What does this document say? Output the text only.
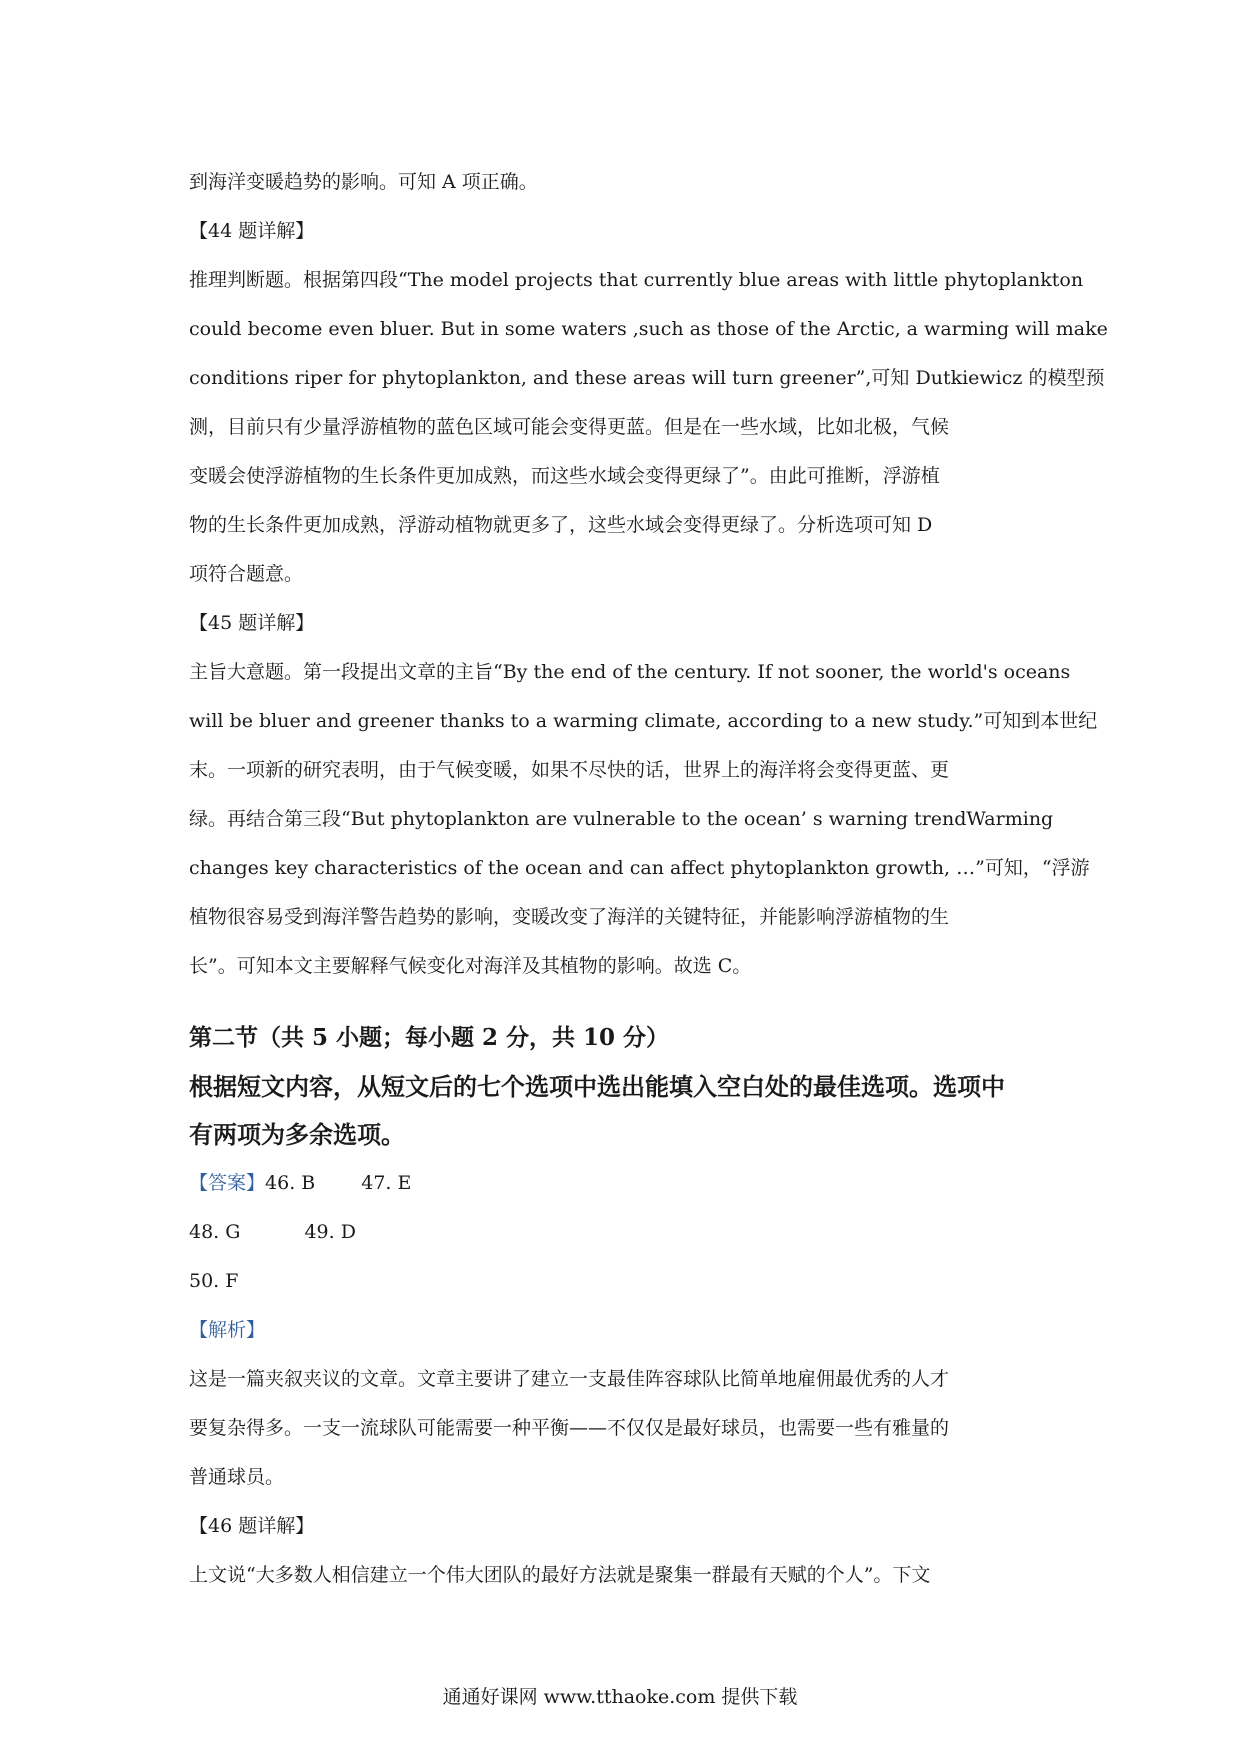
到海洋变暖趋势的影响。可知 A 项正确。
【44 题详解】
推理判断题。根据第四段“The model projects that currently blue areas with little phytoplankton
could become even bluer. But in some waters ,such as those of the Arctic, a warming will make
conditions riper for phytoplankton, and these areas will turn greener”,可知 Dutkiewicz 的模型预
测，目前只有少量浮游植物的蓝色区域可能会变得更蓝。但是在一些水域，比如北极，气候
变暖会使浮游植物的生长条件更加成熟，而这些水域会变得更绿了”。由此可推断，浮游植
物的生长条件更加成熟，浮游动植物就更多了，这些水域会变得更绿了。分析选项可知 D
项符合题意。
【45 题详解】
主旨大意题。第一段提出文章的主旨“By the end of the century. If not sooner, the world's oceans
will be bluer and greener thanks to a warming climate, according to a new study.”可知到本世纪
末。一项新的研究表明，由于气候变暖，如果不尽快的话，世界上的海洋将会变得更蓝、更
绿。再结合第三段“But phytoplankton are vulnerable to the ocean’ s warning trendWarming
changes key characteristics of the ocean and can affect phytoplankton growth, …”可知，“浮游
植物很容易受到海洋警告趋势的影响，变暖改变了海洋的关键特征，并能影响浮游植物的生
长”。可知本文主要解释气候变化对海洋及其植物的影响。故选 C。
第二节（共 5 小题；每小题 2 分，共 10 分）
根据短文内容，从短文后的七个选项中选出能填入空白处的最佳选项。选项中
有两项为多余选项。
【答案】46. B 47. E
48. G	49. D
50. F
【解析】
这是一篇夹叙夹议的文章。文章主要讲了建立一支最佳阵容球队比简单地雇佣最优秀的人才
要复杂得多。一支一流球队可能需要一种平衡——不仅仅是最好球员，也需要一些有雅量的
普通球员。
【46 题详解】
上文说“大多数人相信建立一个伟大团队的最好方法就是聚集一群最有天赋的个人”。下文
通通好课网 www.tthaoke.com 提供下载
